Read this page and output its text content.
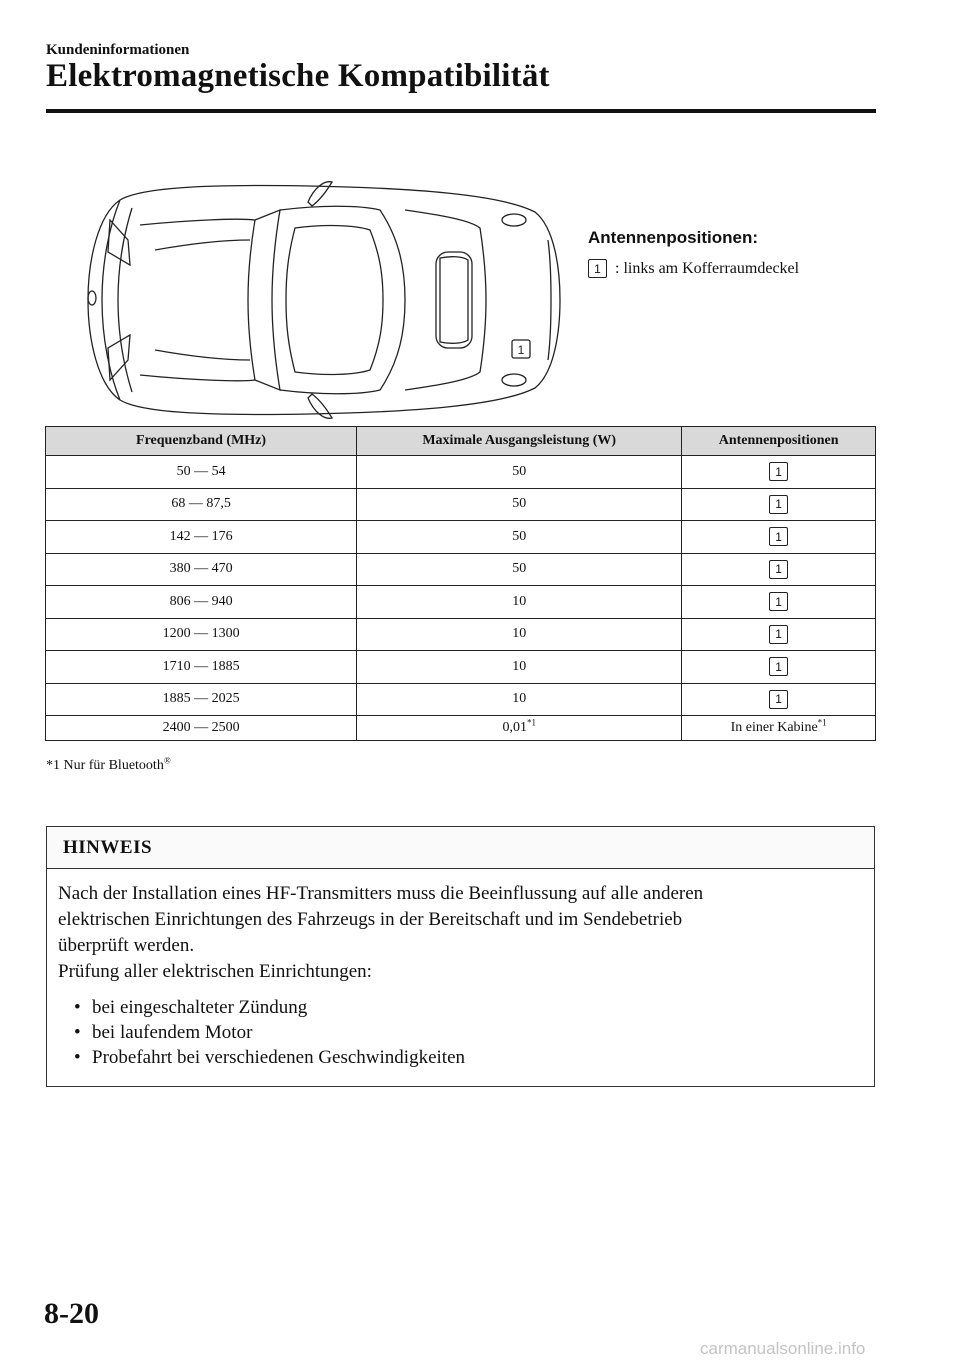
Kundeninformationen
Elektromagnetische Kompatibilität
1
Antennenpositionen:
1 : links am Kofferraumdeckel
Frequenzband (MHz)	Maximale Ausgangsleistung (W)	Antennenpositionen
50 — 54	50	1
68 — 87,5	50	1
142 — 176	50	1
380 — 470	50	1
806 — 940	10	1
1200 — 1300	10	1
1710 — 1885	10	1
1885 — 2025	10	1
2400 — 2500	0,01$^{*1}$	In einer Kabine$^{*1}$
*1 Nur für Bluetooth®
HINWEIS

Nach der Installation eines HF-Transmitters muss die Beeinflussung auf alle anderen

elektrischen Einrichtungen des Fahrzeugs in der Bereitschaft und im Sendebetrieb

überprüft werden.

Prüfung aller elektrischen Einrichtungen:

• bei eingeschalteter Zündung
• bei laufendem Motor
• Probefahrt bei verschiedenen Geschwindigkeiten
8-20
carmanualsonline.info
